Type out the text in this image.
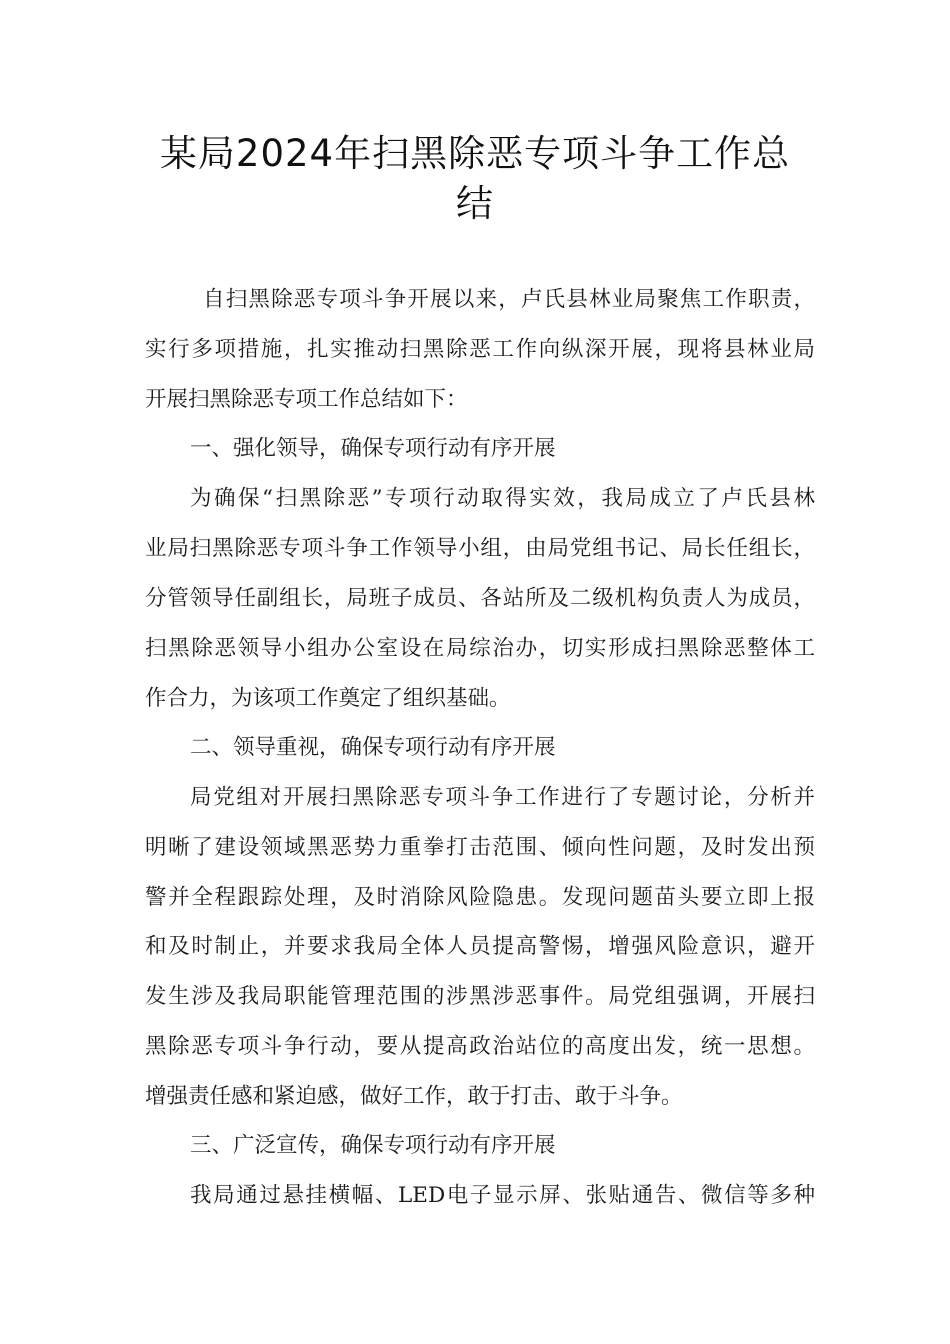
某局2024年扫黑除恶专项斗争工作总
结

自扫黑除恶专项斗争开展以来，卢氏县林业局聚焦工作职责，

实行多项措施，扎实推动扫黑除恶工作向纵深开展，现将县林业局

开展扫黑除恶专项工作总结如下：

一、强化领导，确保专项行动有序开展

为确保“扫黑除恶”专项行动取得实效，我局成立了卢氏县林

业局扫黑除恶专项斗争工作领导小组，由局党组书记、局长任组长，

分管领导任副组长，局班子成员、各站所及二级机构负责人为成员，

扫黑除恶领导小组办公室设在局综治办，切实形成扫黑除恶整体工

作合力，为该项工作奠定了组织基础。

二、领导重视，确保专项行动有序开展

局党组对开展扫黑除恶专项斗争工作进行了专题讨论，分析并

明晰了建设领域黑恶势力重拳打击范围、倾向性问题，及时发出预

警并全程跟踪处理，及时消除风险隐患。发现问题苗头要立即上报

和及时制止，并要求我局全体人员提高警惕，增强风险意识，避开

发生涉及我局职能管理范围的涉黑涉恶事件。局党组强调，开展扫

黑除恶专项斗争行动，要从提高政治站位的高度出发，统一思想。

增强责任感和紧迫感，做好工作，敢于打击、敢于斗争。

三、广泛宣传，确保专项行动有序开展

我局通过悬挂横幅、LED电子显示屏、张贴通告、微信等多种
